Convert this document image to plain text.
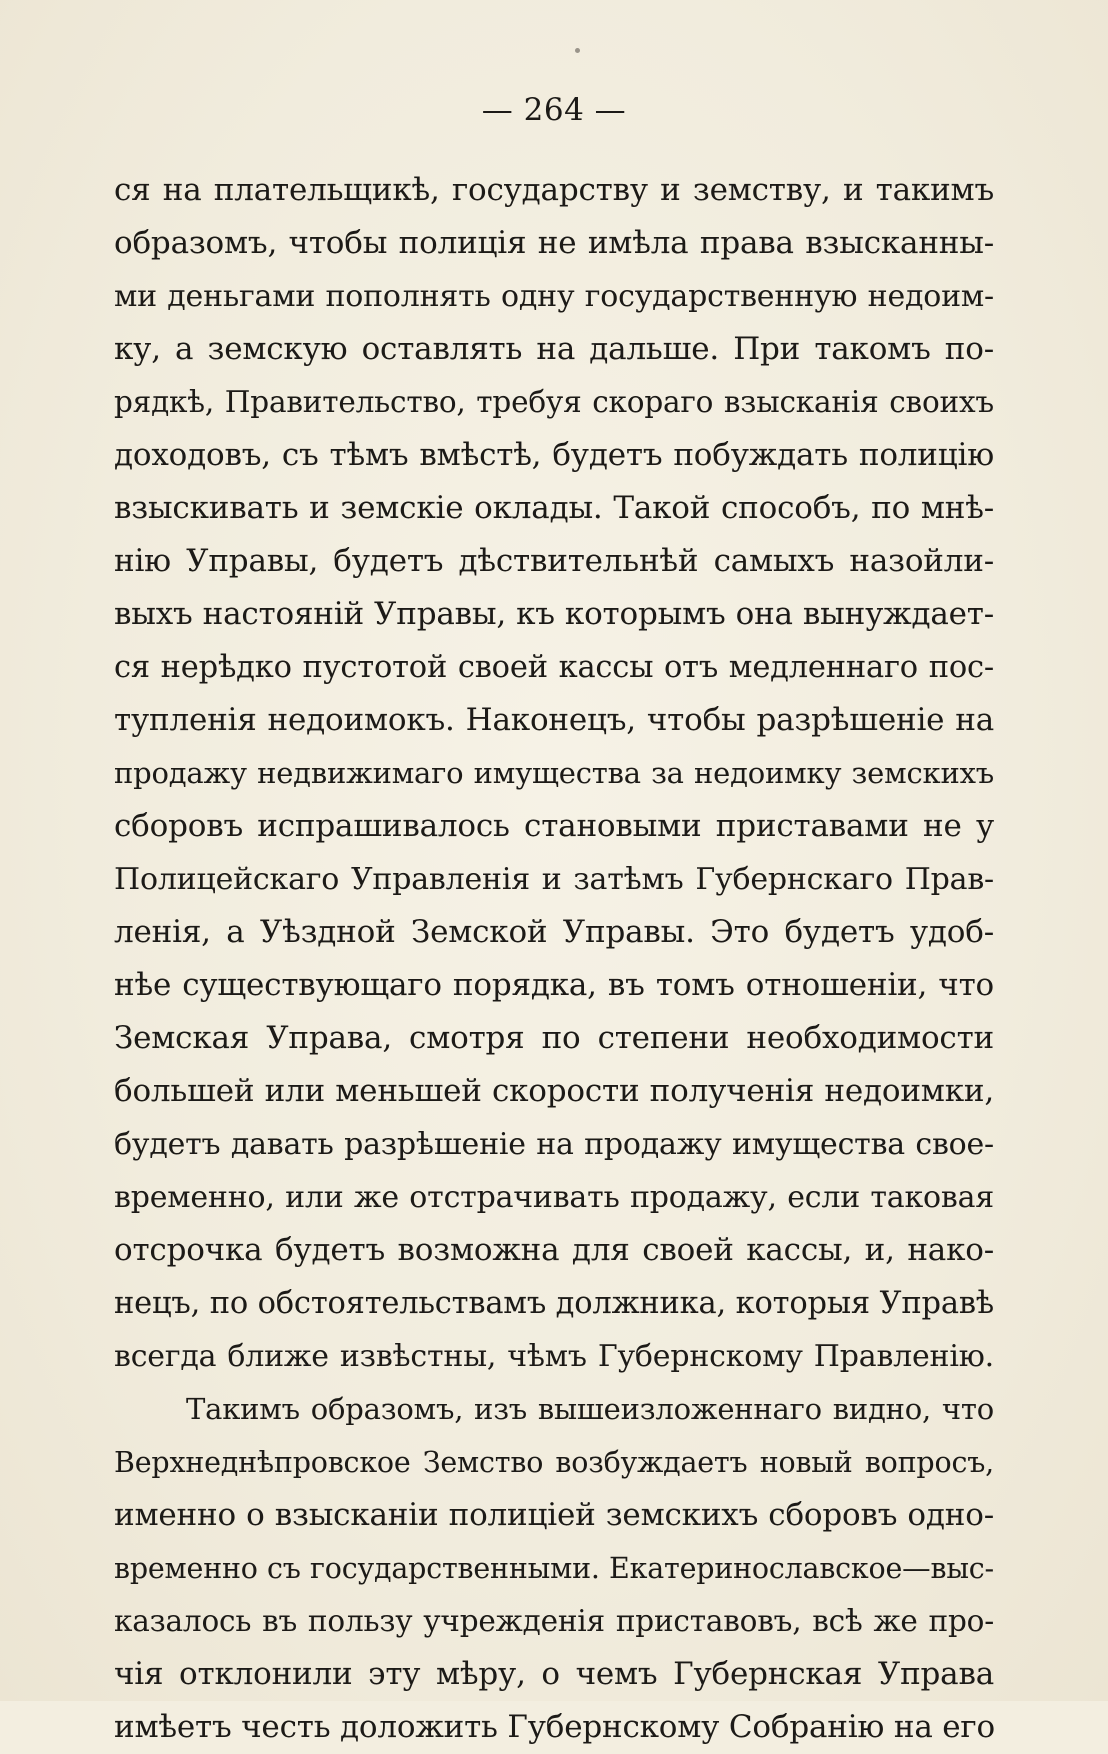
— 264 —
ся на плательщикѣ, государству и земству, и такимъ
образомъ, чтобы полиція не имѣла права взысканны-
ми деньгами пополнять одну государственную недоим-
ку, а земскую оставлять на дальше. При такомъ по-
рядкѣ, Правительство, требуя скораго взысканія своихъ
доходовъ, съ тѣмъ вмѣстѣ, будетъ побуждать полицію
взыскивать и земскіе оклады. Такой способъ, по мнѣ-
нію Управы, будетъ дѣствительнѣй самыхъ назойли-
выхъ настояній Управы, къ которымъ она вынуждает-
ся нерѣдко пустотой своей кассы отъ медленнаго пос-
тупленія недоимокъ. Наконецъ, чтобы разрѣшеніе на
продажу недвижимаго имущества за недоимку земскихъ
сборовъ испрашивалось становыми приставами не у
Полицейскаго Управленія и затѣмъ Губернскаго Прав-
ленія, а Уѣздной Земской Управы. Это будетъ удоб-
нѣе существующаго порядка, въ томъ отношеніи, что
Земская Управа, смотря по степени необходимости
большей или меньшей скорости полученія недоимки,
будетъ давать разрѣшеніе на продажу имущества свое-
временно, или же отстрачивать продажу, если таковая
отсрочка будетъ возможна для своей кассы, и, нако-
нецъ, по обстоятельствамъ должника, которыя Управѣ
всегда ближе извѣстны, чѣмъ Губернскому Правленію.
Такимъ образомъ, изъ вышеизложеннаго видно, что
Верхнеднѣпровское Земство возбуждаетъ новый вопросъ,
именно о взысканіи полиціей земскихъ сборовъ одно-
временно съ государственными. Екатеринославское—выс-
казалось въ пользу учрежденія приставовъ, всѣ же про-
чія отклонили эту мѣру, о чемъ Губернская Управа
имѣетъ честь доложить Губернскому Собранію на его
